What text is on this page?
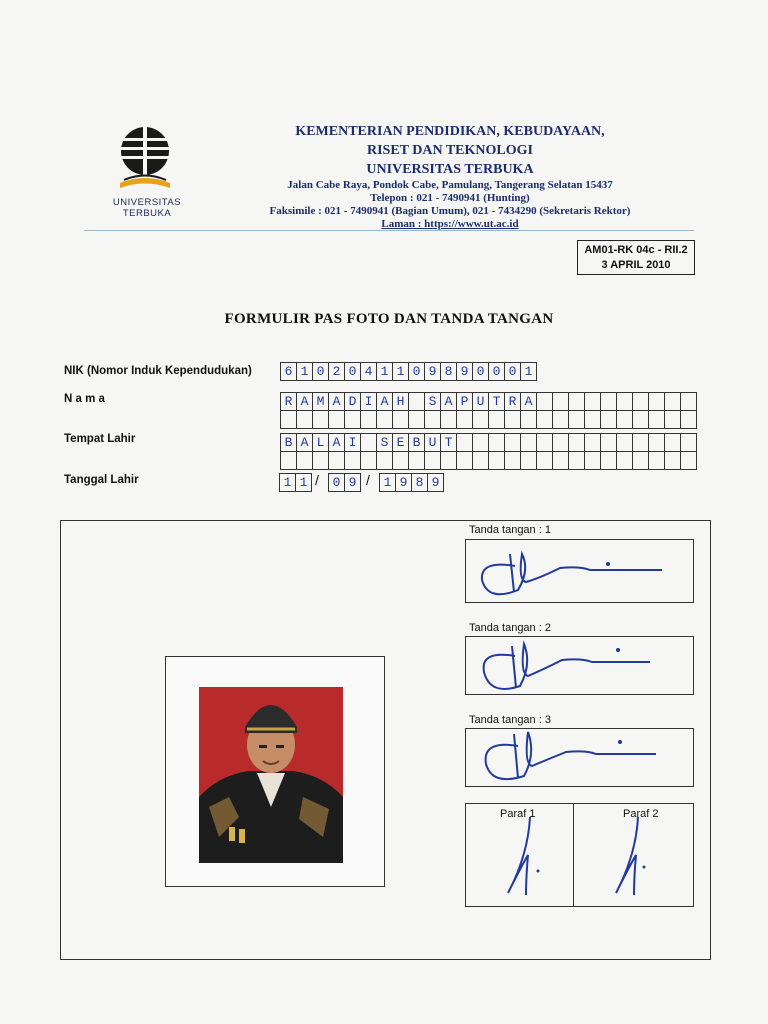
UNIVERSITAS TERBUKA
KEMENTERIAN PENDIDIKAN, KEBUDAYAAN,
RISET DAN TEKNOLOGI
UNIVERSITAS TERBUKA
Jalan Cabe Raya, Pondok Cabe, Pamulang, Tangerang Selatan 15437
Telepon : 021 - 7490941 (Hunting)
Faksimile : 021 - 7490941 (Bagian Umum), 021 - 7434290 (Sekretaris Rektor)
Laman : https://www.ut.ac.id
AM01-RK 04c - RII.2
3 APRIL 2010
FORMULIR PAS FOTO DAN TANDA TANGAN
NIK (Nomor Induk Kependudukan)	6	1	0	2	0	4	1	1	0	9	8	9	0	0	0	1
N a m a	R	A	M	A	D	I	A	H		S	A	P	U	T	R	A										

Tempat Lahir	B	A	L	A	I		S	E	B	U	T															

Tanggal Lahir	1 1 /	0 9 /	1 9 8 9
Tanda tangan : 1
Tanda tangan : 2
Tanda tangan : 3
Paraf 1	Paraf 2
